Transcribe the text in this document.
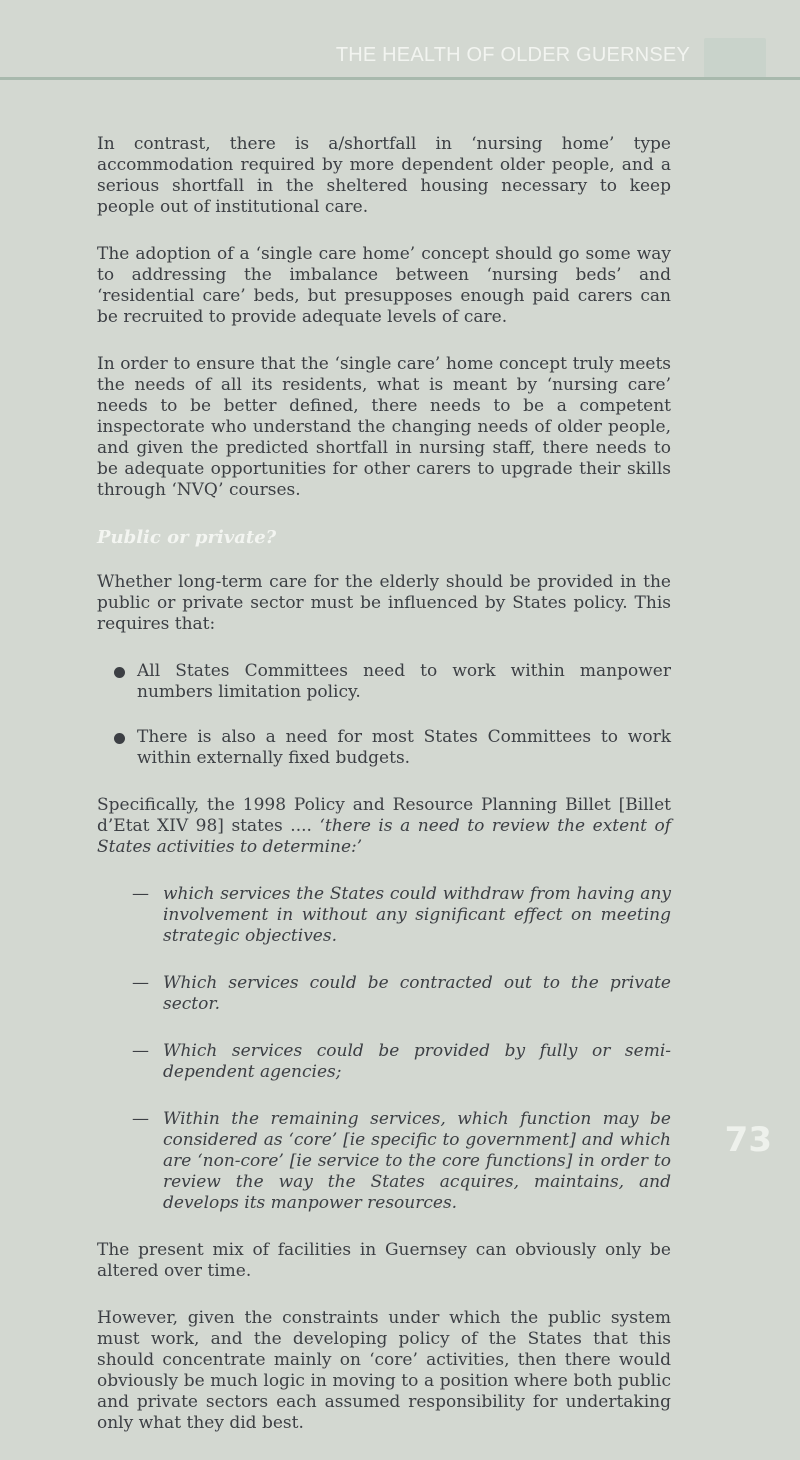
THE HEALTH OF OLDER GUERNSEY

In contrast, there is a/shortfall in ‘nursing home’ type accommodation required by more dependent older people, and a serious shortfall in the sheltered housing necessary to keep people out of institutional care.

The adoption of a ‘single care home’ concept should go some way to addressing the imbalance between ‘nursing beds’ and ‘residential care’ beds, but presupposes enough paid carers can be recruited to provide adequate levels of care.

In order to ensure that the ‘single care’ home concept truly meets the needs of all its residents, what is meant by ‘nursing care’ needs to be better defined, there needs to be a competent inspectorate who understand the changing needs of older people, and given the predicted shortfall in nursing staff, there needs to be adequate opportunities for other carers to upgrade their skills through ‘NVQ’ courses.

Public or private?

Whether long-term care for the elderly should be provided in the public or private sector must be influenced by States policy. This requires that:

All States Committees need to work within manpower numbers limitation policy.
There is also a need for most States Committees to work within externally fixed budgets.

Specifically, the 1998 Policy and Resource Planning Billet [Billet d’Etat XIV 98] states .... ‘there is a need to review the extent of States activities to determine:’

— which services the States could withdraw from having any involvement in without any significant effect on meeting strategic objectives.
— Which services could be contracted out to the private sector.
— Which services could be provided by fully or semi-dependent agencies;
— Within the remaining services, which function may be considered as ‘core’ [ie specific to government] and which are ‘non-core’ [ie service to the core functions] in order to review the way the States acquires, maintains, and develops its manpower resources.

The present mix of facilities in Guernsey can obviously only be altered over time.

However, given the constraints under which the public system must work, and the developing policy of the States that this should concentrate mainly on ‘core’ activities, then there would obviously be much logic in moving to a position where both public and private sectors each assumed responsibility for undertaking only what they did best.

73
